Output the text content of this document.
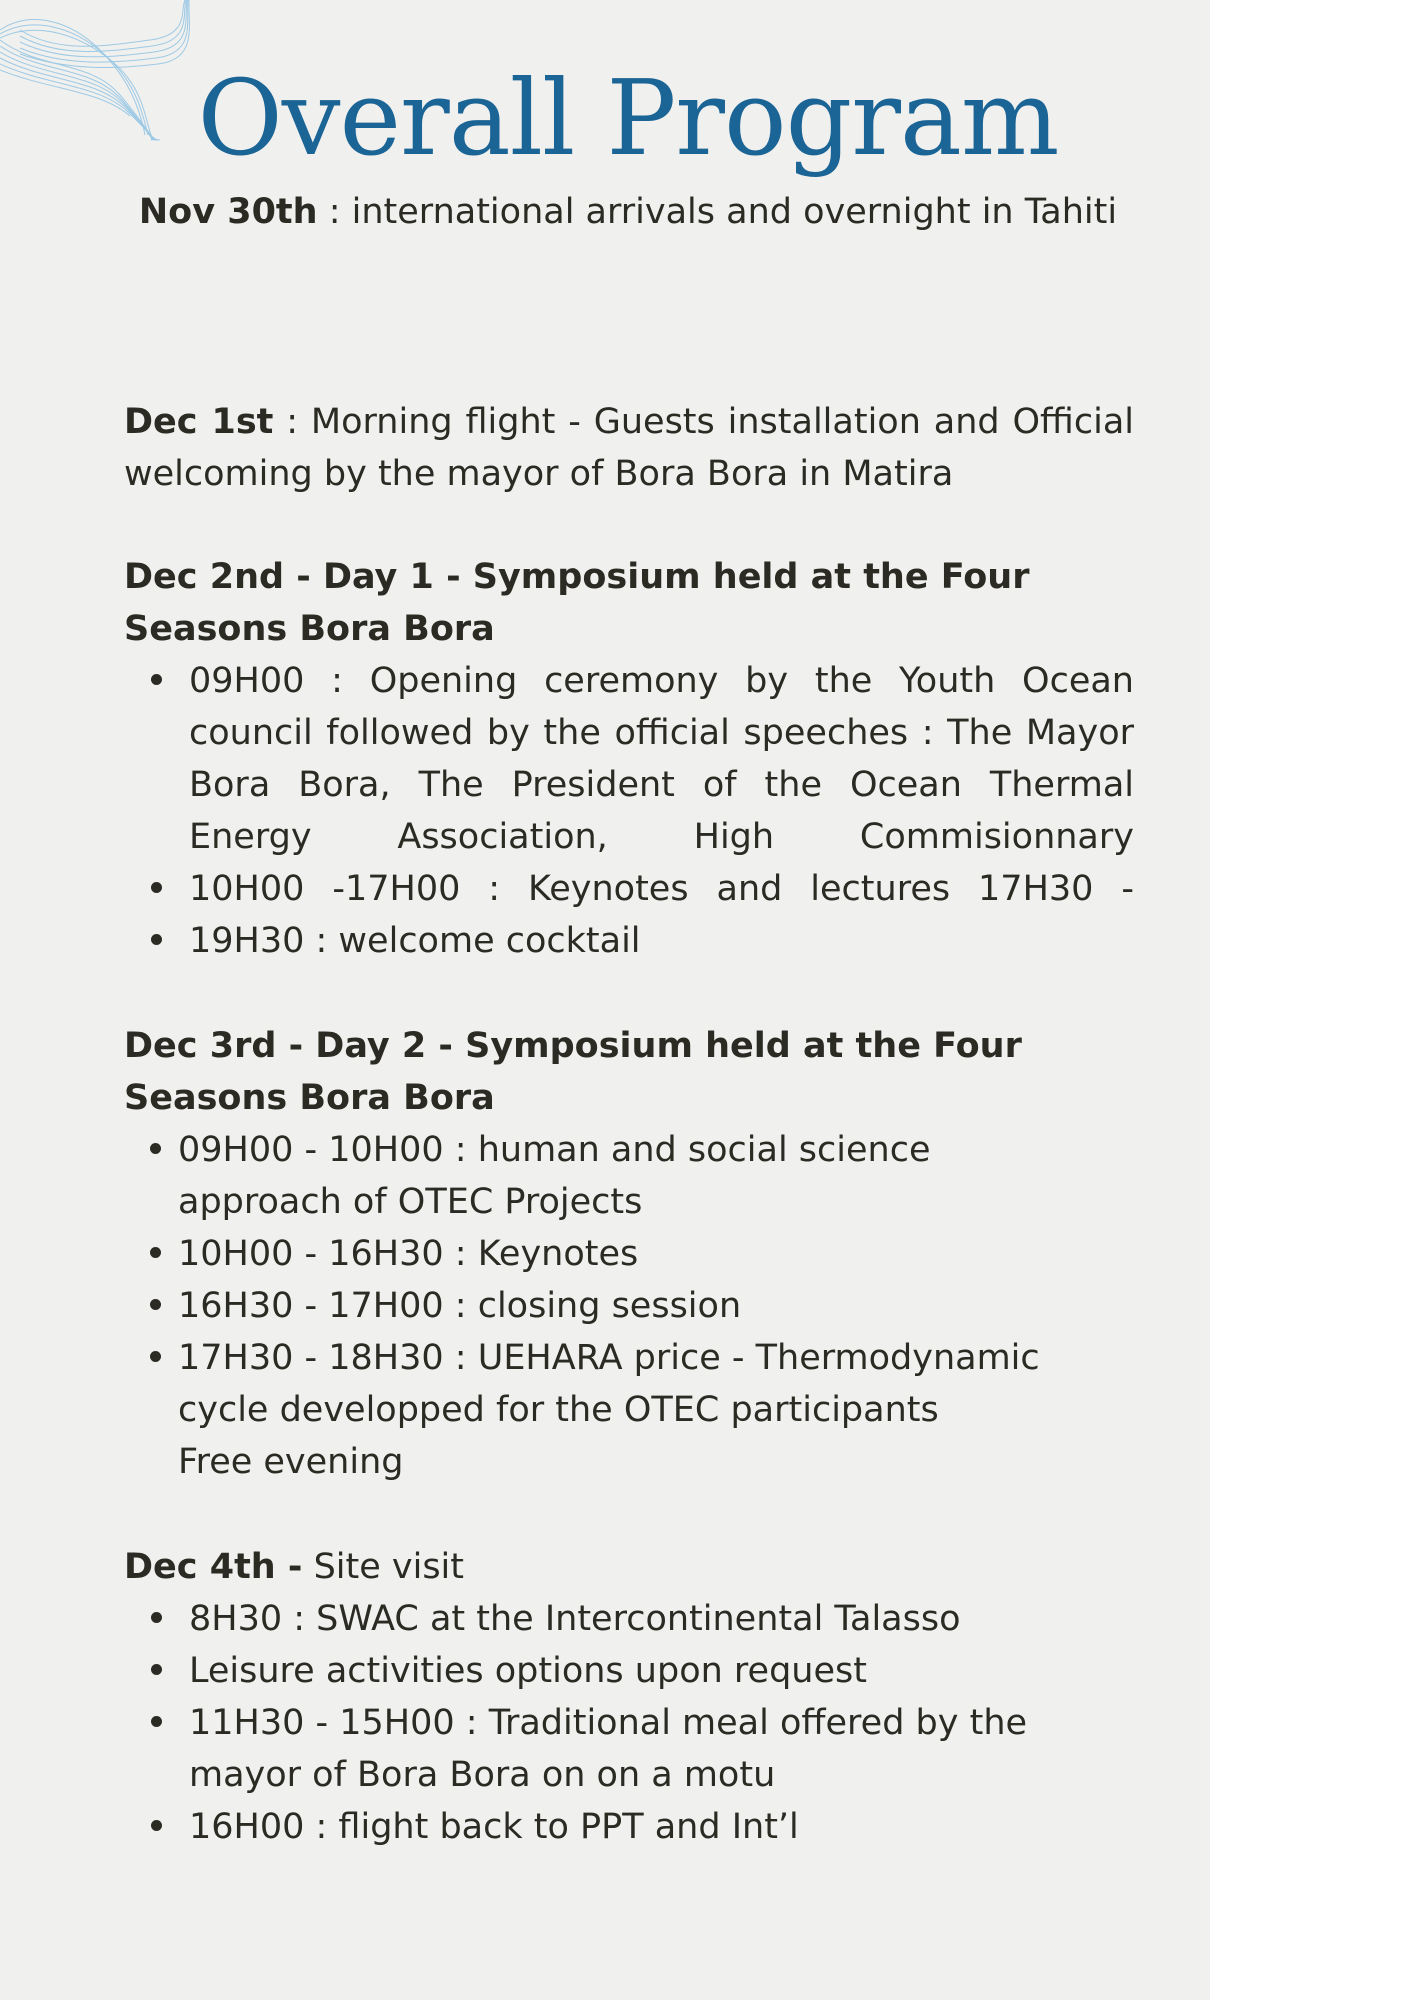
Overall Program
Nov 30th : international arrivals and overnight in Tahiti
Dec 1st : Morning flight - Guests installation and Official welcoming by the mayor of Bora Bora in Matira
Dec 2nd - Day 1 - Symposium held at the Four
Seasons Bora Bora
09H00 : Opening ceremony by the Youth Ocean council followed by the official speeches : The Mayor Bora Bora, The President of the Ocean Thermal Energy Association, High Commisionnary
10H00 -17H00 : Keynotes and lectures 17H30 -
19H30 : welcome cocktail
Dec 3rd - Day 2 - Symposium held at the Four
Seasons Bora Bora
09H00 - 10H00 : human and social science
approach of OTEC Projects
10H00 - 16H30 : Keynotes
16H30 - 17H00 : closing session
17H30 - 18H30 : UEHARA price - Thermodynamic
cycle developped for the OTEC participants
Free evening
Dec 4th - Site visit
8H30 : SWAC at the Intercontinental Talasso
Leisure activities options upon request
11H30 - 15H00 : Traditional meal offered by the
mayor of Bora Bora on on a motu
16H00 : flight back to PPT and Int’l
